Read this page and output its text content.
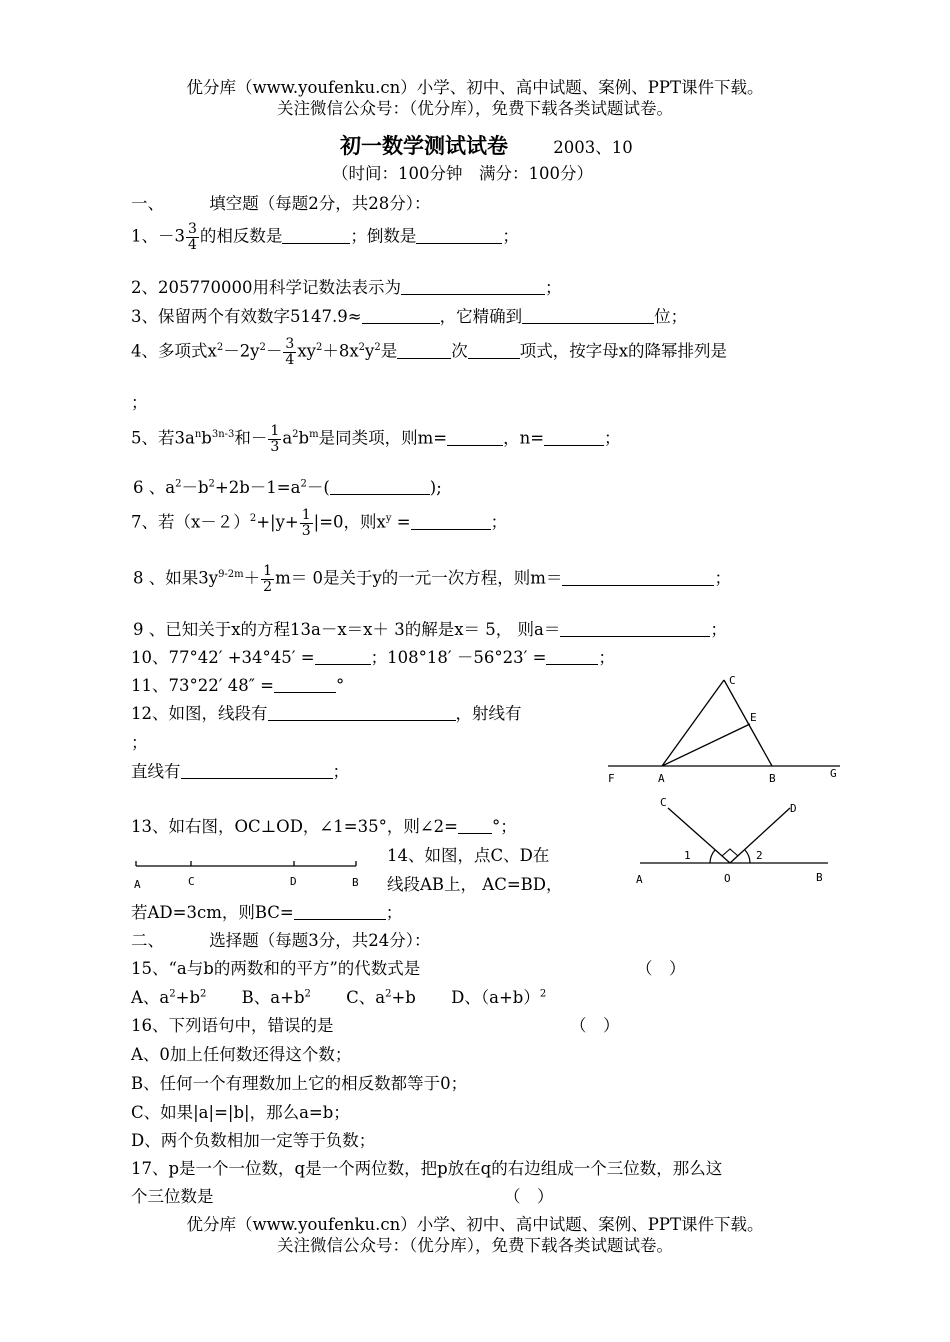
优分库（www.youfenku.cn）小学、初中、高中试题、案例、PPT课件下载。
关注微信公众号：（优分库），免费下载各类试题试卷。
初一数学测试试卷	2003、10
（时间：100分钟　满分：100分）
一、	填空题（每题2分，共28分）：
1、$-3 \frac{3}{4}$ 的相反数是	；倒数是	；
2、205770000用科学记数法表示为	；
3、保留两个有效数字5147.9≈	，它精确到	位；
4、多项式$x^2-2y^2- \frac{3}{4} xy^2+8x^2y^2$是	次	项式，按字母x的降幂排列是
；
5、若$3a^nb^{3n-3}$和－ $\frac{1}{3} a^2b^m$是同类项，则m=	，n=	；
6 、$a^2-b^2+2b-1=a^2-$(	);
7、若$(x-2)^2+|y+ \frac{1}{3} |=0$，则$x^y$ =	；
8 、如果$3y^{9-2m}+ \frac{1}{2} m= 0$是关于y的一元一次方程，则m＝	；
9 、已知关于x的方程13a－x＝x＋ 3的解是x＝ 5， 则a＝	；
10、77°42′ +34°45′ =	；108°18′ －56°23′ =	；
11、73°22′ 48″ =	°
12、如图，线段有	，射线有
；
直线有	；
13、如右图，OC⊥OD，∠1=35°，则∠2= °；
14、如图，点C、D在
线段AB上， AC=BD，
若AD=3cm，则BC=	；
二、	选择题（每题3分，共24分）：
15、“a与b的两数和的平方”的代数式是	（　）
A、$a^2+b^2$ B、$a+b^2$ C、$a^2+b$ D、$(a+b)^2$
16、下列语句中，错误的是	（　）
A、0加上任何数还得这个数；
B、任何一个有理数加上它的相反数都等于0；
C、如果|a|=|b|，那么a=b；
D、两个负数相加一定等于负数；
17、p是一个一位数，q是一个两位数，把p放在q的右边组成一个三位数，那么这
个三位数是	（　）
优分库（www.youfenku.cn）小学、初中、高中试题、案例、PPT课件下载。
关注微信公众号：（优分库），免费下载各类试题试卷。
C
E
F	A	B	G
C	D
1	2
A	O	B
A	C	D	B
